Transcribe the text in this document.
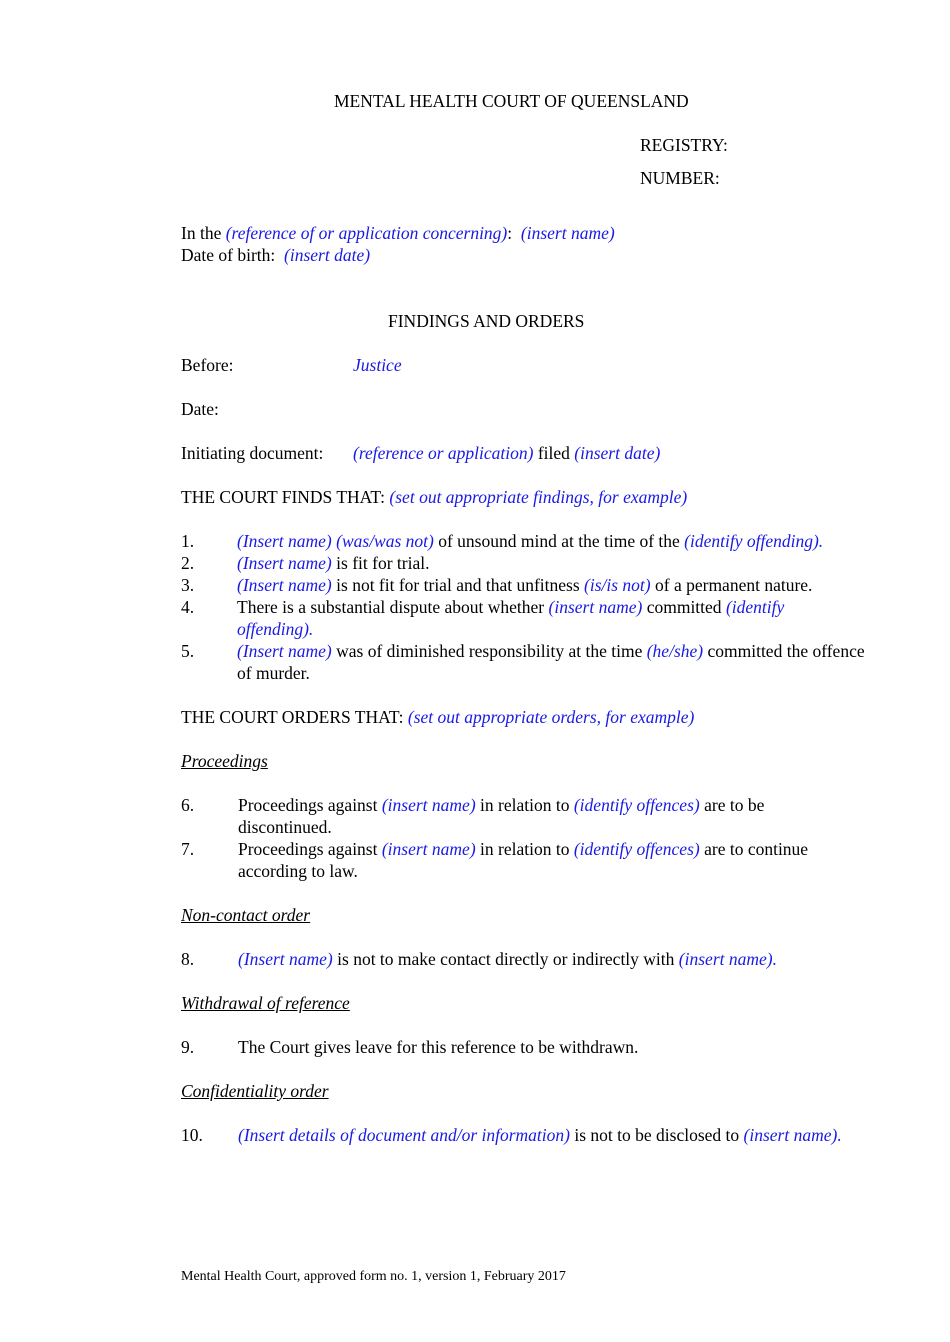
MENTAL HEALTH COURT OF QUEENSLAND
REGISTRY:
NUMBER:
In the (reference of or application concerning): (insert name)
Date of birth: (insert date)
FINDINGS AND ORDERS
Before:	Justice
Date:
Initiating document: (reference or application) filed (insert date)
THE COURT FINDS THAT: (set out appropriate findings, for example)
1. (Insert name) (was/was not) of unsound mind at the time of the (identify offending).
2. (Insert name) is fit for trial.
3. (Insert name) is not fit for trial and that unfitness (is/is not) of a permanent nature.
4. There is a substantial dispute about whether (insert name) committed (identify offending).
5. (Insert name) was of diminished responsibility at the time (he/she) committed the offence of murder.
THE COURT ORDERS THAT: (set out appropriate orders, for example)
Proceedings
6.	Proceedings against (insert name) in relation to (identify offences) are to be discontinued.
7.	Proceedings against (insert name) in relation to (identify offences) are to continue according to law.
Non-contact order
8.	(Insert name) is not to make contact directly or indirectly with (insert name).
Withdrawal of reference
9.	The Court gives leave for this reference to be withdrawn.
Confidentiality order
10. (Insert details of document and/or information) is not to be disclosed to (insert name).
Mental Health Court, approved form no. 1, version 1, February 2017
